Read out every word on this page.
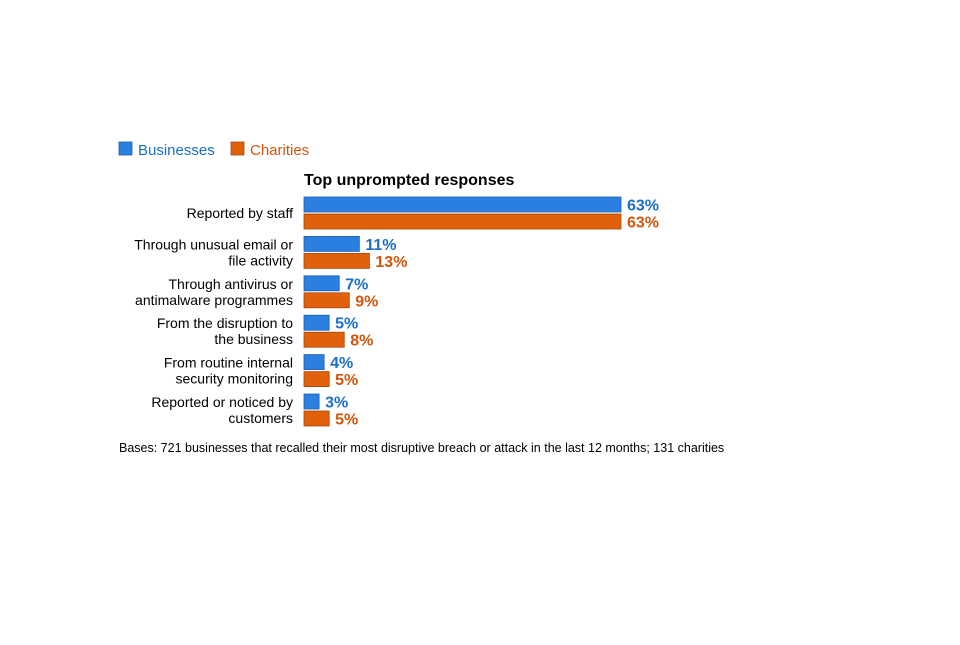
Businesses Charities
Top unprompted responses
Reported by staff	63%
63%
Through unusual email or file activity
11%
13%
Through antivirus or antimalware programmes
7%
9%
From the disruption to the business
5%
8%
From routine internal security monitoring
4%
5%
Reported or noticed by customers
3%
5%
Bases: 721 businesses that recalled their most disruptive breach or attack in the last 12 months; 131 charities
